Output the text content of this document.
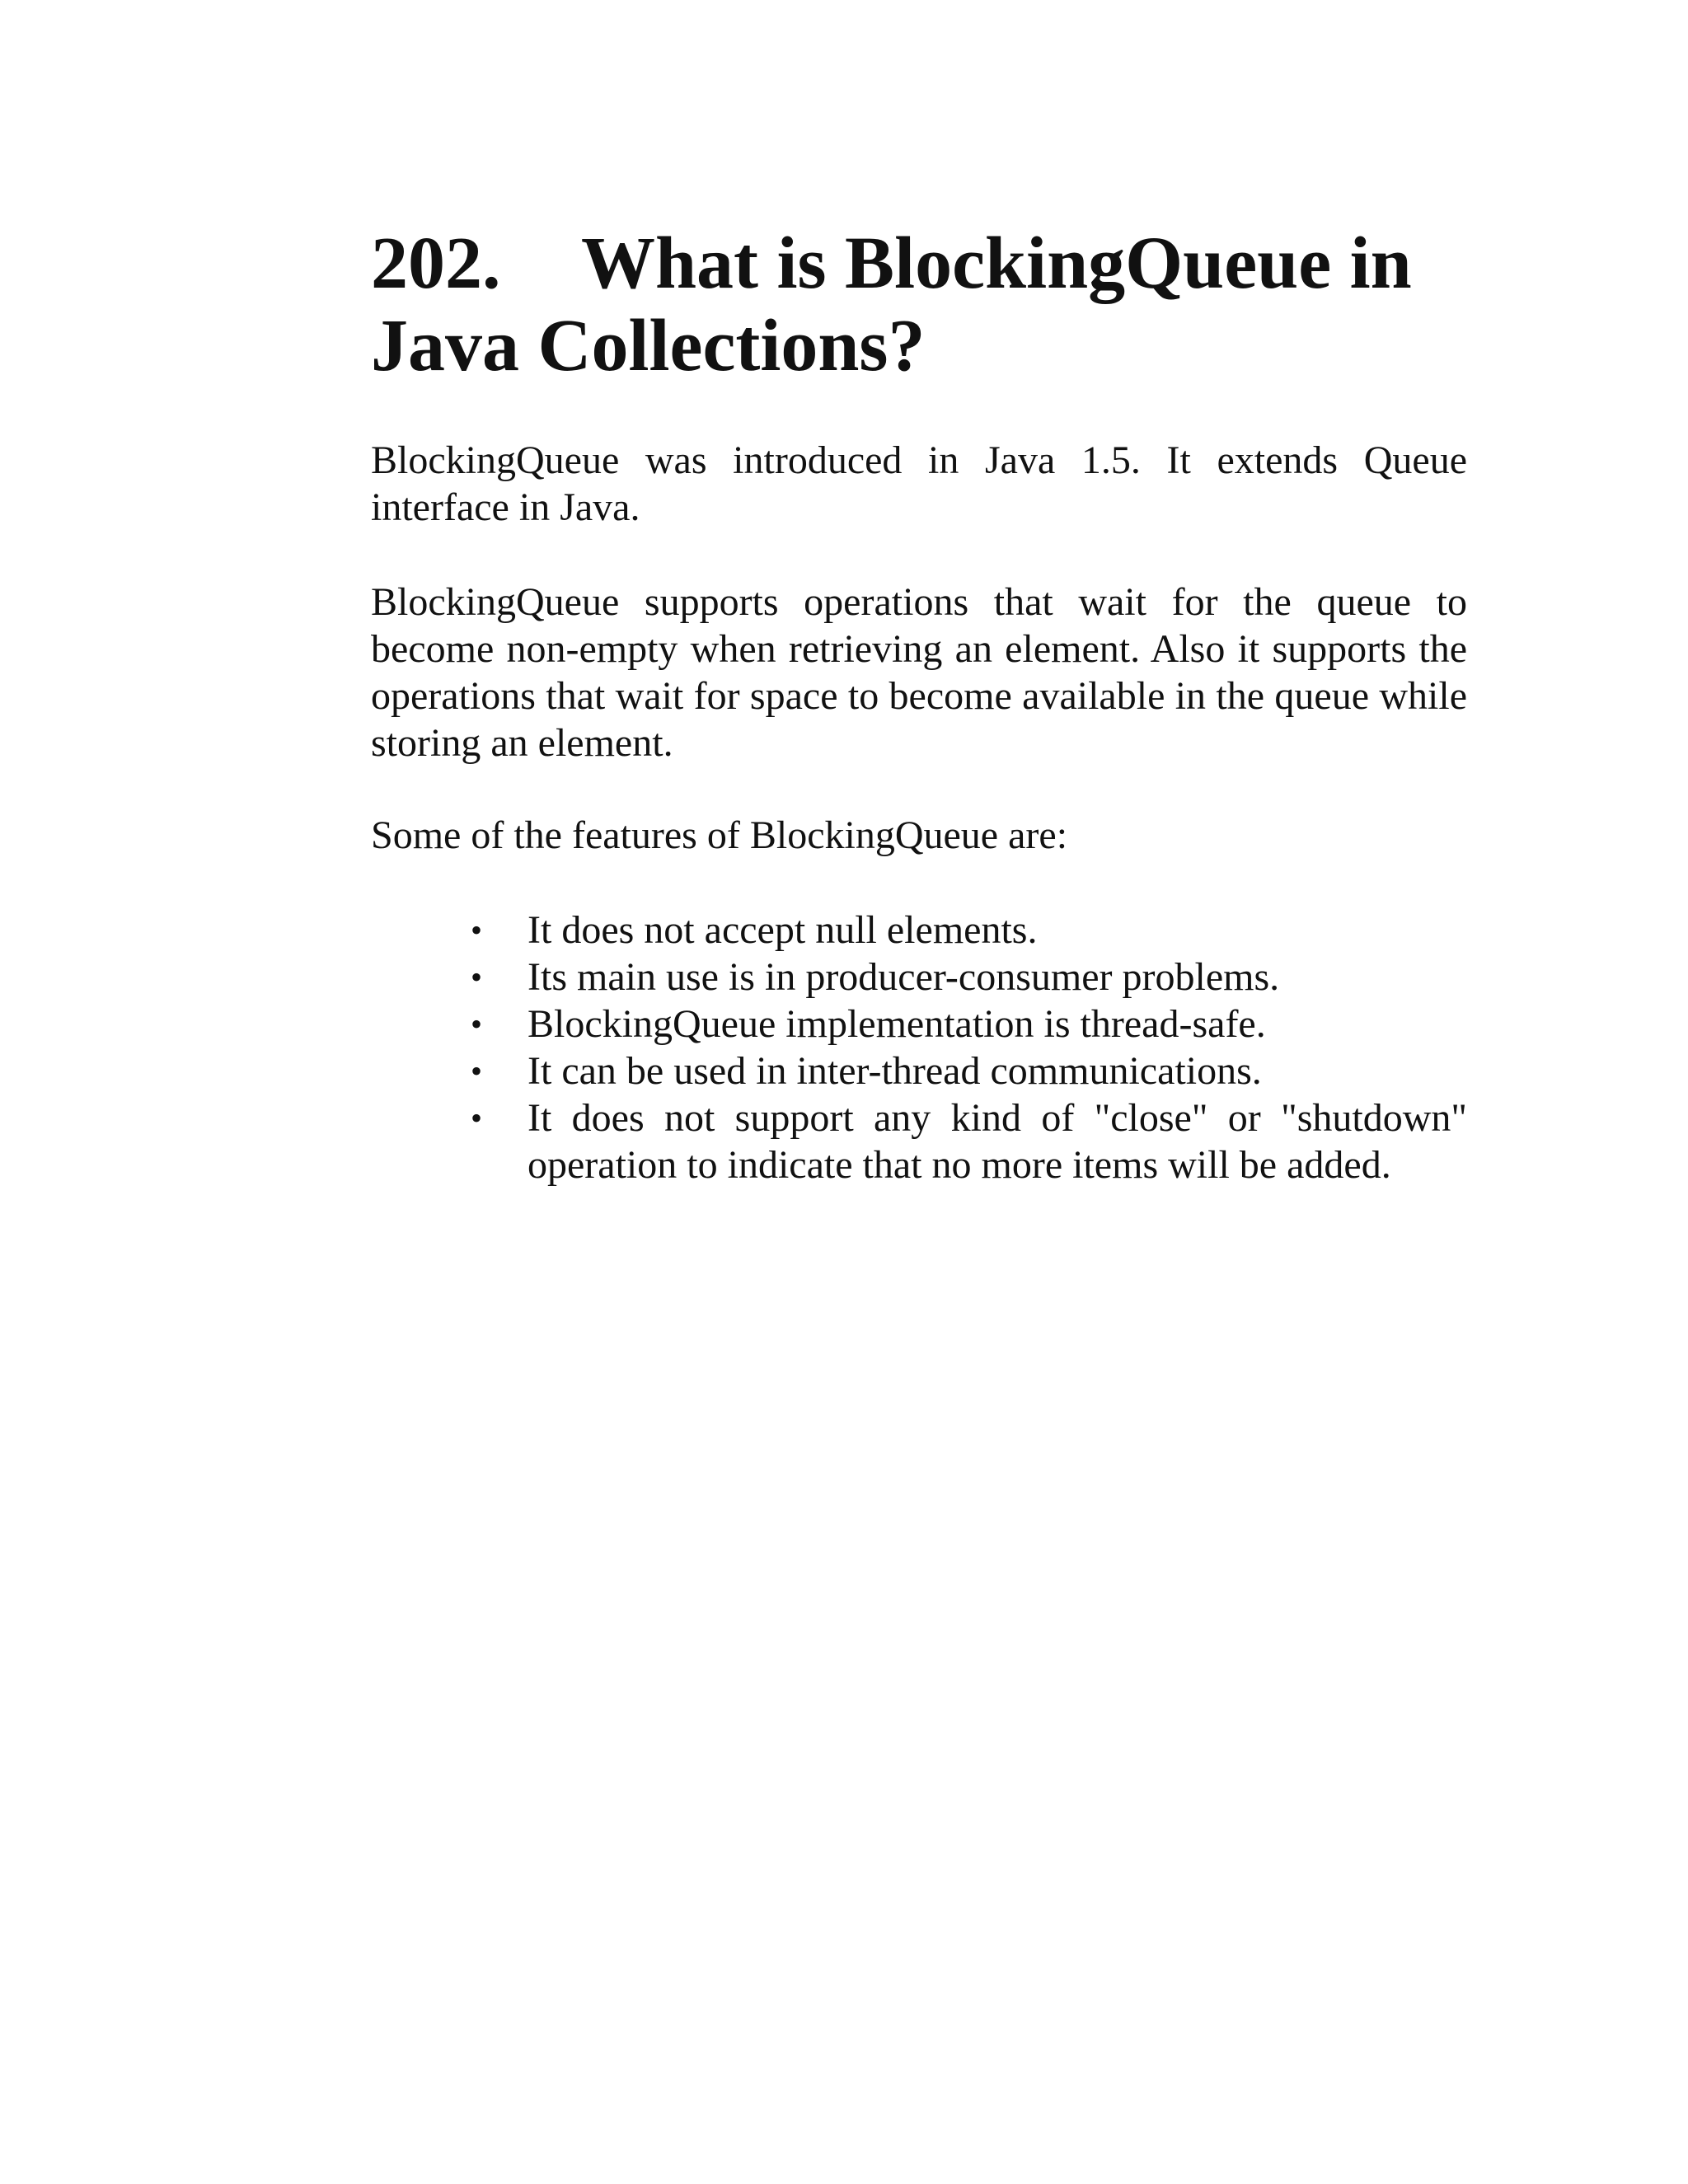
202. What is BlockingQueue in Java Collections?

BlockingQueue was introduced in Java 1.5. It extends Queue interface in Java.

BlockingQueue supports operations that wait for the queue to become non-empty when retrieving an element. Also it supports the operations that wait for space to become available in the queue while storing an element.

Some of the features of BlockingQueue are:

• It does not accept null elements.
• Its main use is in producer-consumer problems.
• BlockingQueue implementation is thread-safe.
• It can be used in inter-thread communications.
• It does not support any kind of "close" or "shutdown" operation to indicate that no more items will be added.
